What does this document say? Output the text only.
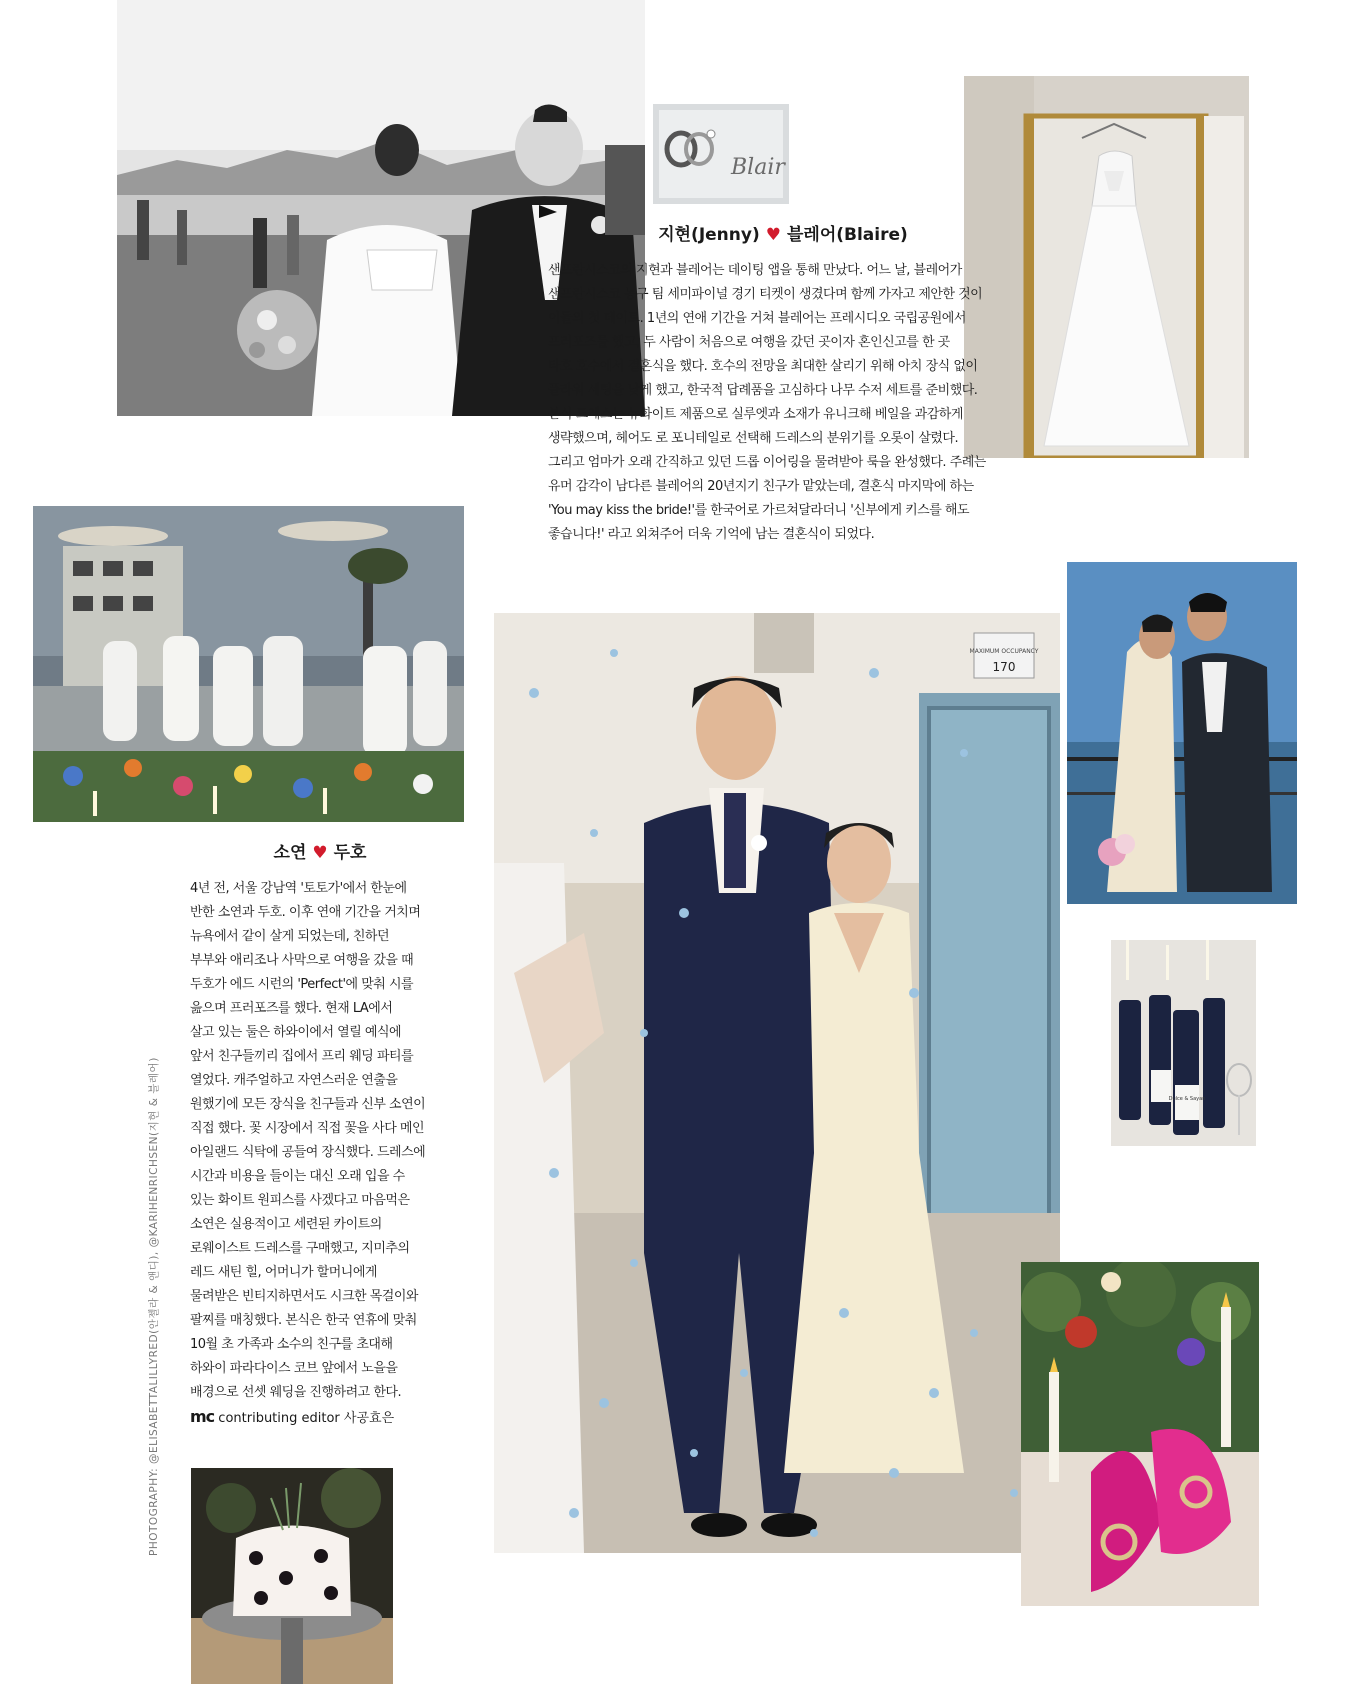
Blair
MAXIMUM OCCUPANCY
170
Dulce & Sayan
지현(Jenny) ♥ 블레어(Blaire)
샌프란시스코의 지현과 블레어는 데이팅 앱을 통해 만났다. 어느 날, 블레어가
샌프란시스코 농구 팀 세미파이널 경기 티켓이 생겼다며 함께 가자고 제안한 것이
이들의 첫 데이트. 1년의 연애 기간을 거쳐 블레어는 프레시디오 국립공원에서
프러포즈를 했고, 두 사람이 처음으로 여행을 갔던 곳이자 혼인신고를 한 곳
타호 호수에서 결혼식을 했다. 호수의 전망을 최대한 살리기 위해 아치 장식 없이
플라워 세팅을 낮게 했고, 한국적 답례품을 고심하다 나무 수저 세트를 준비했다.
본식 드레스는 뉴화이트 제품으로 실루엣과 소재가 유니크해 베일을 과감하게
생략했으며, 헤어도 로 포니테일로 선택해 드레스의 분위기를 오롯이 살렸다.
그리고 엄마가 오래 간직하고 있던 드롭 이어링을 물려받아 룩을 완성했다. 주례는
유머 감각이 남다른 블레어의 20년지기 친구가 맡았는데, 결혼식 마지막에 하는
'You may kiss the bride!'를 한국어로 가르쳐달라더니 '신부에게 키스를 해도
좋습니다!' 라고 외쳐주어 더욱 기억에 남는 결혼식이 되었다.
소연 ♥ 두호
4년 전, 서울 강남역 '토토가'에서 한눈에
반한 소연과 두호. 이후 연애 기간을 거치며
뉴욕에서 같이 살게 되었는데, 친하던
부부와 애리조나 사막으로 여행을 갔을 때
두호가 에드 시런의 'Perfect'에 맞춰 시를
읊으며 프러포즈를 했다. 현재 LA에서
살고 있는 둘은 하와이에서 열릴 예식에
앞서 친구들끼리 집에서 프리 웨딩 파티를
열었다. 캐주얼하고 자연스러운 연출을
원했기에 모든 장식을 친구들과 신부 소연이
직접 했다. 꽃 시장에서 직접 꽃을 사다 메인
아일랜드 식탁에 공들여 장식했다. 드레스에
시간과 비용을 들이는 대신 오래 입을 수
있는 화이트 원피스를 사겠다고 마음먹은
소연은 실용적이고 세련된 카이트의
로웨이스트 드레스를 구매했고, 지미추의
레드 새틴 힐, 어머니가 할머니에게
물려받은 빈티지하면서도 시크한 목걸이와
팔찌를 매칭했다. 본식은 한국 연휴에 맞춰
10월 초 가족과 소수의 친구를 초대해
하와이 파라다이스 코브 앞에서 노을을
배경으로 선셋 웨딩을 진행하려고 한다.
mc contributing editor 사공효은
PHOTOGRAPHY: @ELISABETTALILLYRED(안젤라 & 앤디), @KARIHENRICHSEN(지현 & 블레어)
